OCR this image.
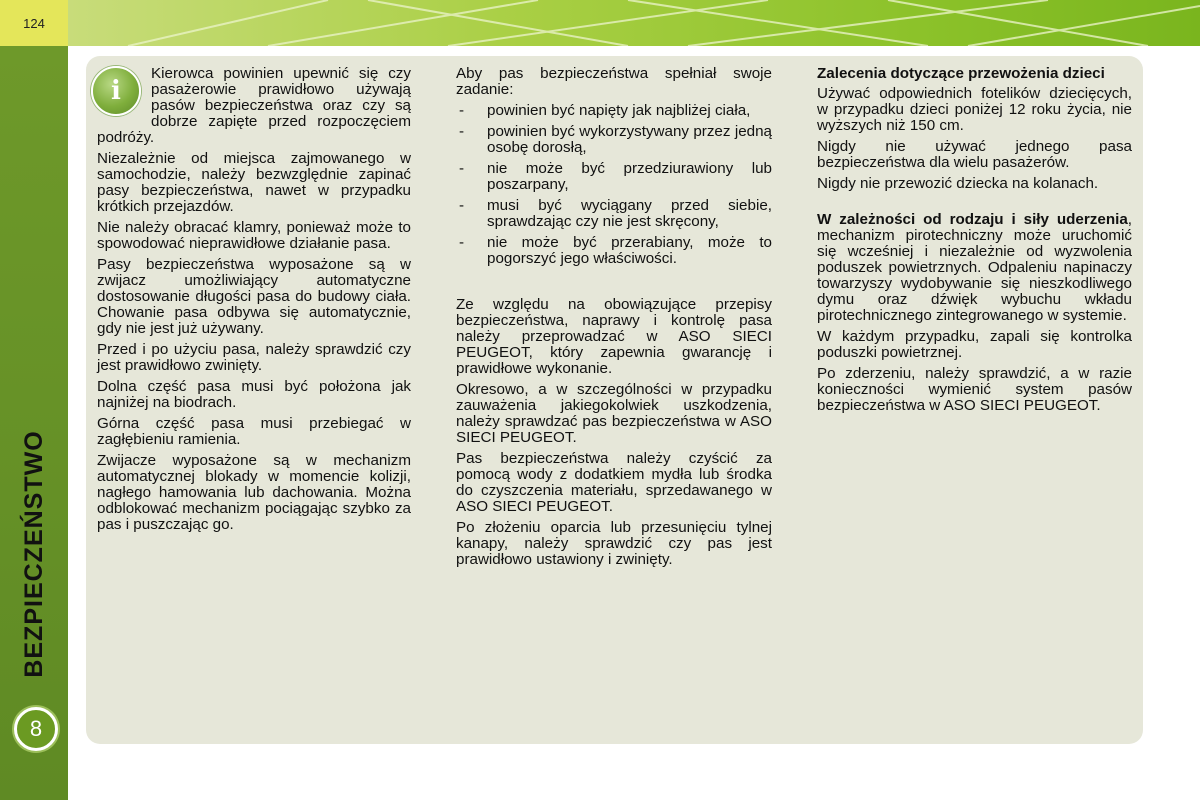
124
BEZPIECZEŃSTWO
8
i

Kierowca powinien upewnić się czy pasażerowie prawidłowo używają pasów bezpieczeństwa oraz czy są dobrze zapięte przed rozpoczęciem podróży.

Niezależnie od miejsca zajmowanego w samochodzie, należy bezwzględnie zapinać pasy bezpieczeństwa, nawet w przypadku krótkich przejazdów.

Nie należy obracać klamry, ponieważ może to spowodować nieprawidłowe działanie pasa.

Pasy bezpieczeństwa wyposażone są w zwijacz umożliwiający automatyczne dostosowanie długości pasa do budowy ciała. Chowanie pasa odbywa się automatycznie, gdy nie jest już używany.

Przed i po użyciu pasa, należy sprawdzić czy jest prawidłowo zwinięty.

Dolna część pasa musi być położona jak najniżej na biodrach.

Górna część pasa musi przebiegać w zagłębieniu ramienia.

Zwijacze wyposażone są w mechanizm automatycznej blokady w momencie kolizji, nagłego hamowania lub dachowania. Można odblokować mechanizm pociągając szybko za pas i puszczając go.

Aby pas bezpieczeństwa spełniał swoje zadanie:

- powinien być napięty jak najbliżej ciała,
- powinien być wykorzystywany przez jedną osobę dorosłą,
- nie może być przedziurawiony lub poszarpany,
- musi być wyciągany przed siebie, sprawdzając czy nie jest skręcony,
- nie może być przerabiany, może to pogorszyć jego właściwości.

Ze względu na obowiązujące przepisy bezpieczeństwa, naprawy i kontrolę pasa należy przeprowadzać w ASO SIECI PEUGEOT, który zapewnia gwarancję i prawidłowe wykonanie.

Okresowo, a w szczególności w przypadku zauważenia jakiegokolwiek uszkodzenia, należy sprawdzać pas bezpieczeństwa w ASO SIECI PEUGEOT.

Pas bezpieczeństwa należy czyścić za pomocą wody z dodatkiem mydła lub środka do czyszczenia materiału, sprzedawanego w ASO SIECI PEUGEOT.

Po złożeniu oparcia lub przesunięciu tylnej kanapy, należy sprawdzić czy pas jest prawidłowo ustawiony i zwinięty.

Zalecenia dotyczące przewożenia dzieci

Używać odpowiednich fotelików dziecięcych, w przypadku dzieci poniżej 12 roku życia, nie wyższych niż 150 cm.

Nigdy nie używać jednego pasa bezpieczeństwa dla wielu pasażerów.

Nigdy nie przewozić dziecka na kolanach.

W zależności od rodzaju i siły uderzenia, mechanizm pirotechniczny może uruchomić się wcześniej i niezależnie od wyzwolenia poduszek powietrznych. Odpaleniu napinaczy towarzyszy wydobywanie się nieszkodliwego dymu oraz dźwięk wybuchu wkładu pirotechnicznego zintegrowanego w systemie.

W każdym przypadku, zapali się kontrolka poduszki powietrznej.

Po zderzeniu, należy sprawdzić, a w razie konieczności wymienić system pasów bezpieczeństwa w ASO SIECI PEUGEOT.
